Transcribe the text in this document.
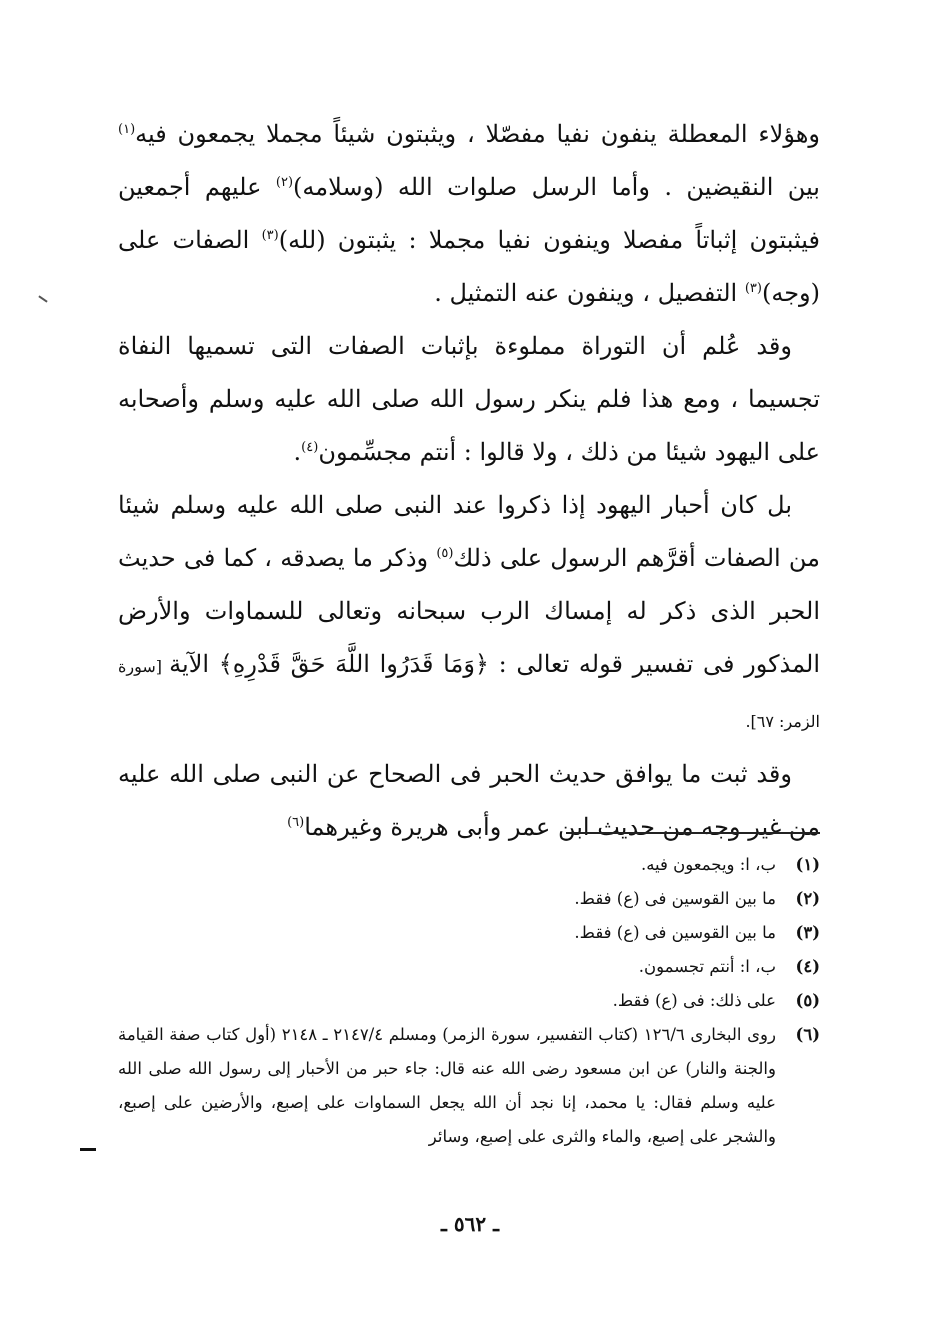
وهؤلاء المعطلة ينفون نفيا مفصّلا ، ويثبتون شيئاً مجملا يجمعون فيه$^{(١)}$ بين النقيضين . وأما الرسل صلوات الله (وسلامه)$^{(٢)}$ عليهم أجمعين فيثبتون إثباتاً مفصلا وينفون نفيا مجملا : يثبتون (لله)$^{(٣)}$ الصفات على (وجه)$^{(٣)}$ التفصيل ، وينفون عنه التمثيل .

وقد عُلم أن التوراة مملوءة بإثبات الصفات التى تسميها النفاة تجسيما ، ومع هذا فلم ينكر رسول الله صلى الله عليه وسلم وأصحابه على اليهود شيئا من ذلك ، ولا قالوا : أنتم مجسِّمون$^{(٤)}$.

بل كان أحبار اليهود إذا ذكروا عند النبى صلى الله عليه وسلم شيئا من الصفات أقرَّهم الرسول على ذلك$^{(٥)}$ وذكر ما يصدقه ، كما فى حديث الحبر الذى ذكر له إمساك الرب سبحانه وتعالى للسماوات والأرض المذكور فى تفسير قوله تعالى : ﴿وَمَا قَدَرُوا اللَّهَ حَقَّ قَدْرِهِ﴾ الآية [سورة الزمر: ٦٧].

وقد ثبت ما يوافق حديث الحبر فى الصحاح عن النبى صلى الله عليه من غير وجه من حديث ابن عمر وأبى هريرة وغيرهما$^{(٦)}$

(١)
ب، ا: ويجمعون فيه.
(٢)
ما بين القوسين فى (ع) فقط.
(٣)
ما بين القوسين فى (ع) فقط.
(٤)
ب، ا: أنتم تجسمون.
(٥)
على ذلك: فى (ع) فقط.
(٦)
روى البخارى ١٢٦/٦ (كتاب التفسير، سورة الزمر) ومسلم ٢١٤٧/٤ ـ ٢١٤٨ (أول كتاب صفة القيامة والجنة والنار) عن ابن مسعود رضى الله عنه قال: جاء حبر من الأحبار إلى رسول الله صلى الله عليه وسلم فقال: يا محمد، إنا نجد أن الله يجعل السماوات على إصبع، والأرضين على إصبع، والشجر على إصبع، والماء والثرى على إصبع، وسائر
ـ ٥٦٢ ـ
